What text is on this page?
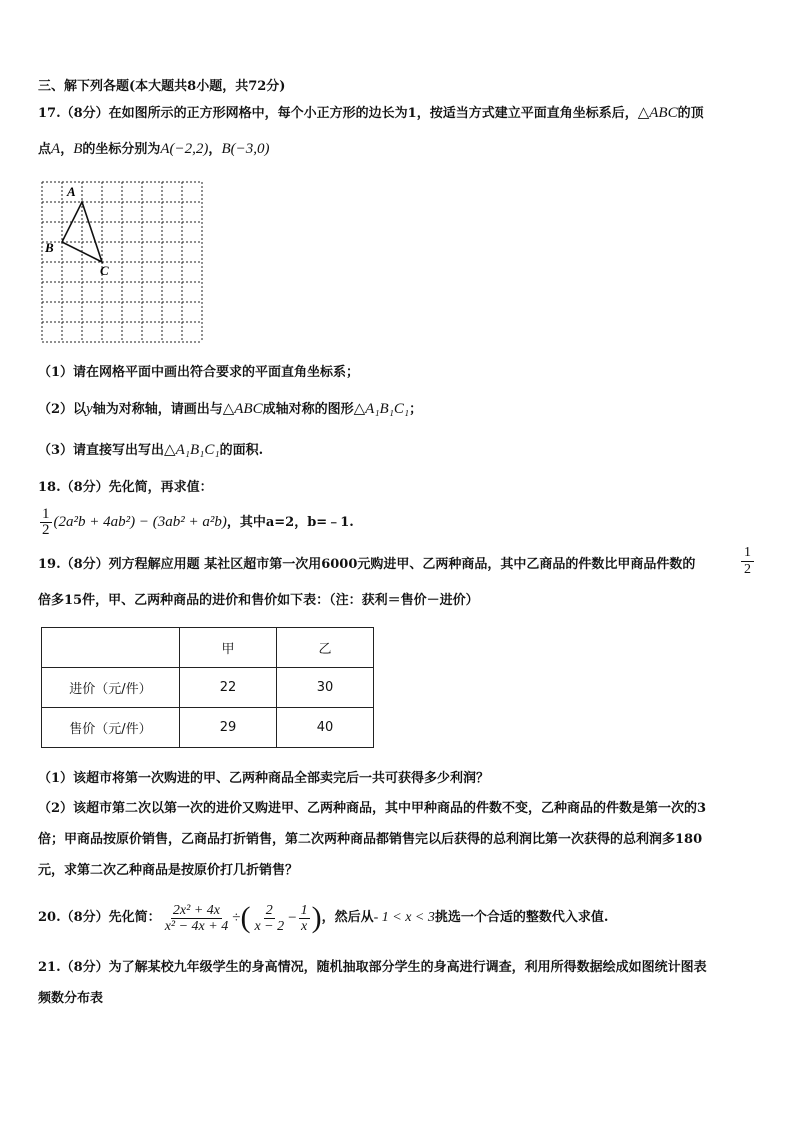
三、解下列各题(本大题共8小题，共72分)
17.（8分）在如图所示的正方形网格中，每个小正方形的边长为1，按适当方式建立平面直角坐标系后，△ABC的顶
点A，B的坐标分别为A(−2,2)，B(−3,0)
A
B
C
（1）请在网格平面中画出符合要求的平面直角坐标系；
（2）以y轴为对称轴，请画出与△ABC成轴对称的图形△A₁B₁C₁；
（3）请直接写出写出△A₁B₁C₁的面积.
18.（8分）先化简，再求值：
$\frac{1}{2} (2a^2b + 4ab^2) - (3ab^2 + a^2b)$，其中a=2，b=﹣1.
19.（8分）列方程解应用题 某社区超市第一次用6000元购进甲、乙两种商品，其中乙商品的件数比甲商品件数的	$\frac{1}{2}$
倍多15件，甲、乙两种商品的进价和售价如下表：（注：获利＝售价－进价）
	甲	乙
进价（元/件）	22	30
售价（元/件）	29	40
（1）该超市将第一次购进的甲、乙两种商品全部卖完后一共可获得多少利润？
（2）该超市第二次以第一次的进价又购进甲、乙两种商品，其中甲种商品的件数不变，乙种商品的件数是第一次的3
倍；甲商品按原价销售，乙商品打折销售，第二次两种商品都销售完以后获得的总利润比第一次获得的总利润多180
元，求第二次乙种商品是按原价打几折销售？
20.（8分） 先化简： $\frac{\text{2x² + 4x}}{\text{x² − 4x + 4}}$ ÷ ( $\frac{2}{x - 2} - \frac{1}{x}$ ) ，然后从 - 1 < x < 3 挑选一个合适的整数代入求值.
21.（8分）为了解某校九年级学生的身高情况，随机抽取部分学生的身高进行调查，利用所得数据绘成如图统计图表
频数分布表
